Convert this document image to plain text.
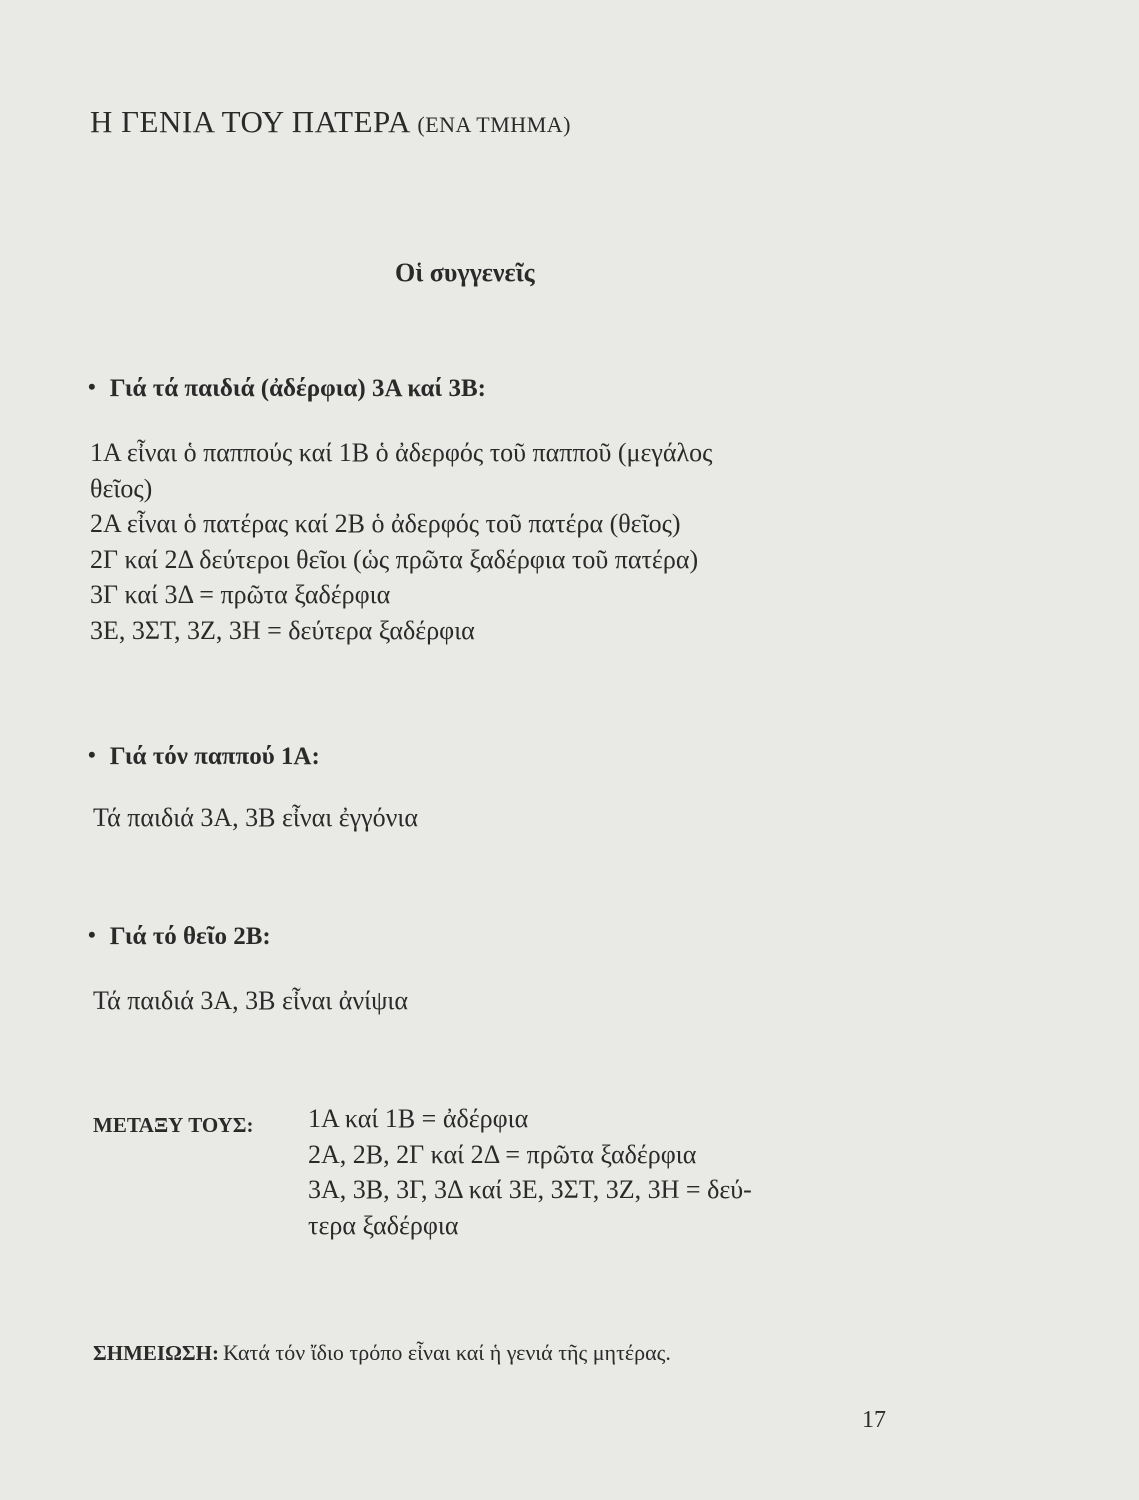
Η ΓΕΝΙΑ ΤΟΥ ΠΑΤΕΡΑ (ΕΝΑ ΤΜΗΜΑ)
Οἱ συγγενεῖς
• Γιά τά παιδιά (ἀδέρφια) 3Α καί 3Β:
1Α εἶναι ὁ παππούς καί 1Β ὁ ἀδερφός τοῦ παπποῦ (μεγάλος
θεῖος)
2Α εἶναι ὁ πατέρας καί 2Β ὁ ἀδερφός τοῦ πατέρα (θεῖος)
2Γ καί 2Δ δεύτεροι θεῖοι (ὡς πρῶτα ξαδέρφια τοῦ πατέρα)
3Γ καί 3Δ = πρῶτα ξαδέρφια
3Ε, 3ΣΤ, 3Ζ, 3Η = δεύτερα ξαδέρφια
• Γιά τόν παππού 1Α:
Τά παιδιά 3Α, 3Β εἶναι ἐγγόνια
• Γιά τό θεῖο 2Β:
Τά παιδιά 3Α, 3Β εἶναι ἀνίψια
ΜΕΤΑΞΥ ΤΟΥΣ: 1Α καί 1Β = ἀδέρφια
2Α, 2Β, 2Γ καί 2Δ = πρῶτα ξαδέρφια
3Α, 3Β, 3Γ, 3Δ καί 3Ε, 3ΣΤ, 3Ζ, 3Η = δεύ-
τερα ξαδέρφια
ΣΗΜΕΙΩΣΗ: Κατά τόν ἴδιο τρόπο εἶναι καί ἡ γενιά τῆς μητέρας.
17
